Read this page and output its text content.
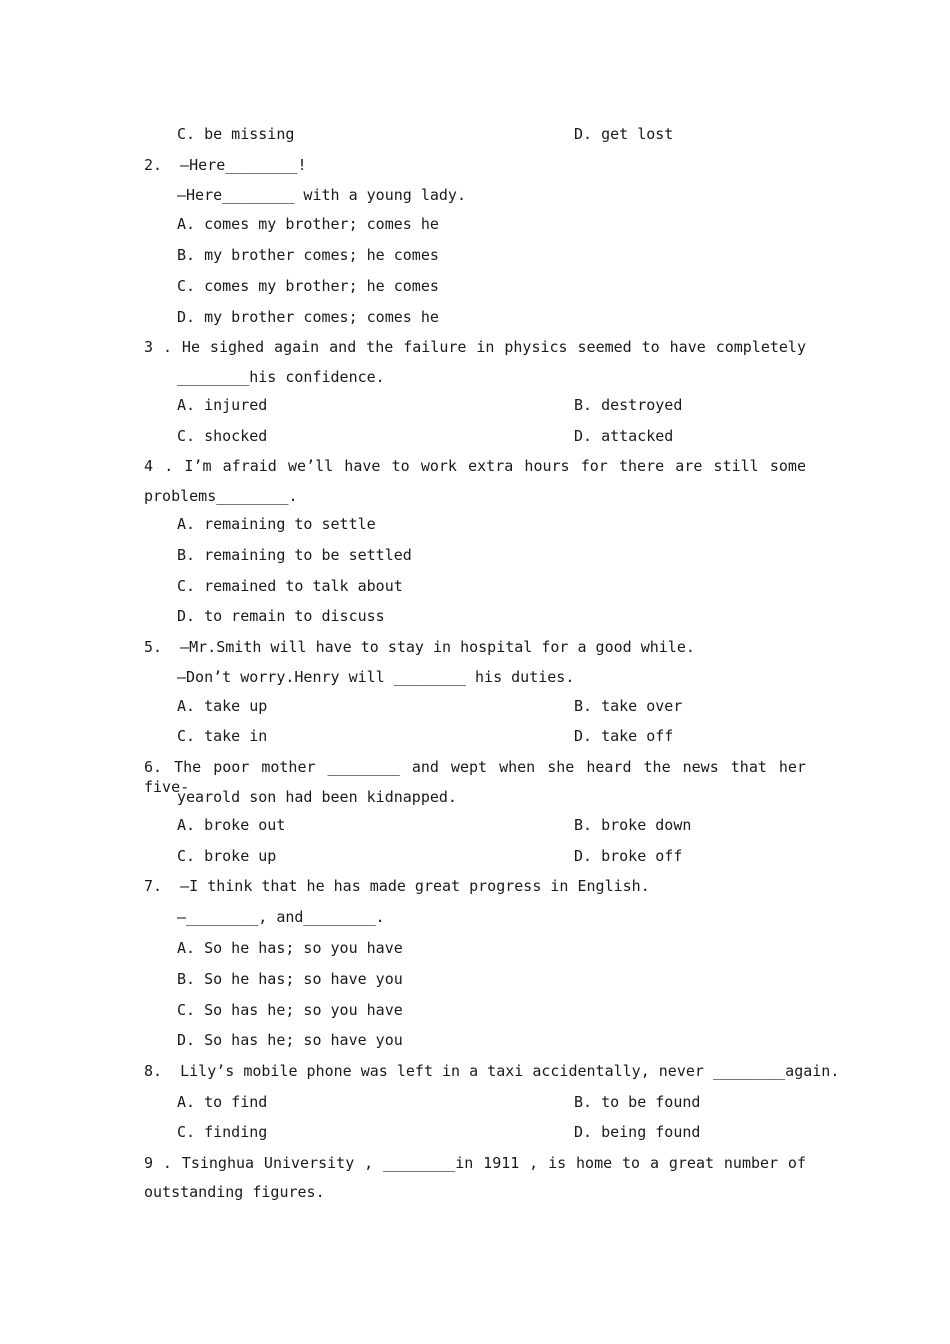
C. be missing	D. get lost
2.  —Here________!
—Here________ with a young lady.
A. comes my brother; comes he
B. my brother comes; he comes
C. comes my brother; he comes
D. my brother comes; comes he
3 . He sighed again and the failure in physics seemed to have completely
________his confidence.
A. injured	B. destroyed
C. shocked	D. attacked
4 . I’m afraid we’ll have to work extra hours for there are still some
problems________.
A. remaining to settle
B. remaining to be settled
C. remained to talk about
D. to remain to discuss
5.  —Mr.Smith will have to stay in hospital for a good while.
—Don’t worry.Henry will ________ his duties.
A. take up	B. take over
C. take in	D. take off
6. The poor mother ________ and wept when she heard the news that her five-
yearold son had been kidnapped.
A. broke out	B. broke down
C. broke up	D. broke off
7.  —I think that he has made great progress in English.
—________, and________.
A. So he has; so you have
B. So he has; so have you
C. So has he; so you have
D. So has he; so have you
8.  Lily’s mobile phone was left in a taxi accidentally, never ________again.
A. to find	B. to be found
C. finding	D. being found
9 . Tsinghua University , ________in 1911 , is home to a great number of
outstanding figures.
